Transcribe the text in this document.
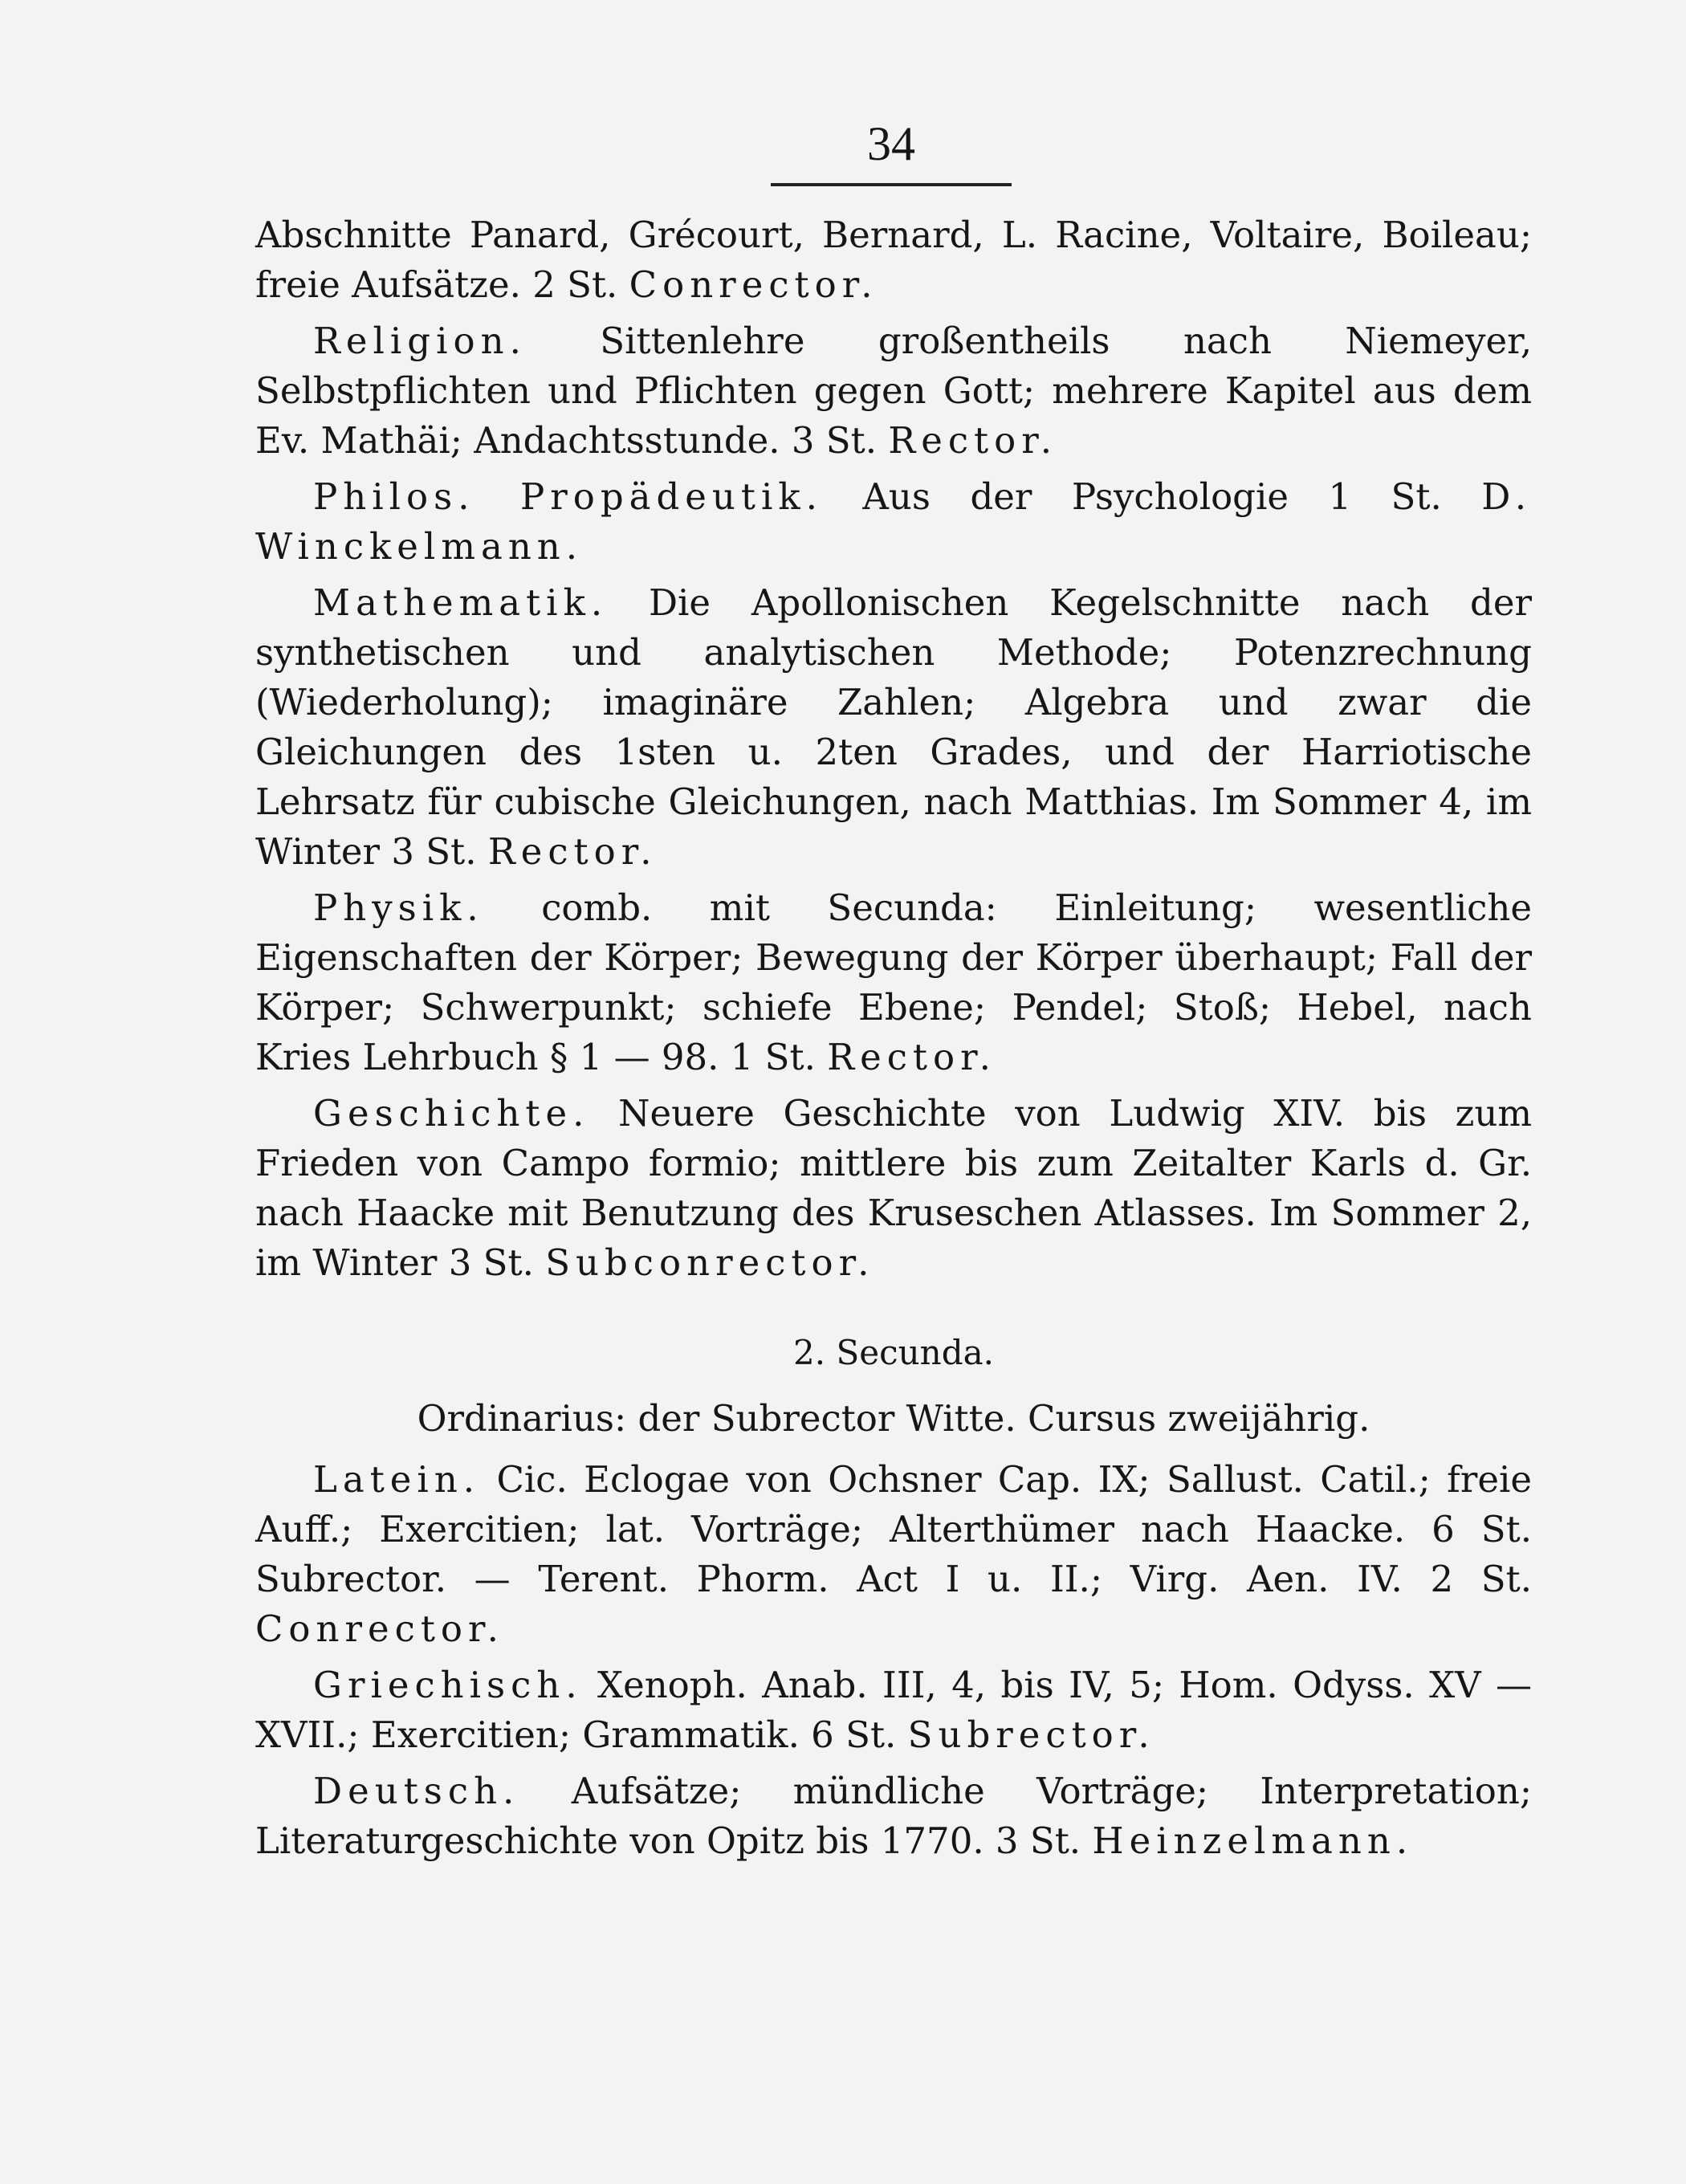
34

Abschnitte Panard, Grécourt, Bernard, L. Racine, Voltaire, Boileau; freie Aufsätze. 2 St. Conrector.

Religion. Sittenlehre großentheils nach Niemeyer, Selbstpflichten und Pflichten gegen Gott; mehrere Kapitel aus dem Ev. Mathäi; Andachtsstunde. 3 St. Rector.

Philos. Propädeutik. Aus der Psychologie 1 St. D. Winckelmann.

Mathematik. Die Apollonischen Kegelschnitte nach der synthetischen und analytischen Methode; Potenzrechnung (Wiederholung); imaginäre Zahlen; Algebra und zwar die Gleichungen des 1sten u. 2ten Grades, und der Harriotische Lehrsatz für cubische Gleichungen, nach Matthias. Im Sommer 4, im Winter 3 St. Rector.

Physik. comb. mit Secunda: Einleitung; wesentliche Eigenschaften der Körper; Bewegung der Körper überhaupt; Fall der Körper; Schwerpunkt; schiefe Ebene; Pendel; Stoß; Hebel, nach Kries Lehrbuch § 1 — 98. 1 St. Rector.

Geschichte. Neuere Geschichte von Ludwig XIV. bis zum Frieden von Campo formio; mittlere bis zum Zeitalter Karls d. Gr. nach Haacke mit Benutzung des Kruseschen Atlasses. Im Sommer 2, im Winter 3 St. Subconrector.

2. Secunda.
Ordinarius: der Subrector Witte. Cursus zweijährig.

Latein. Cic. Eclogae von Ochsner Cap. IX; Sallust. Catil.; freie Auff.; Exercitien; lat. Vorträge; Alterthümer nach Haacke. 6 St. Subrector. — Terent. Phorm. Act I u. II.; Virg. Aen. IV. 2 St. Conrector.

Griechisch. Xenoph. Anab. III, 4, bis IV, 5; Hom. Odyss. XV — XVII.; Exercitien; Grammatik. 6 St. Subrector.

Deutsch. Aufsätze; mündliche Vorträge; Interpretation; Literaturgeschichte von Opitz bis 1770. 3 St. Heinzelmann.
